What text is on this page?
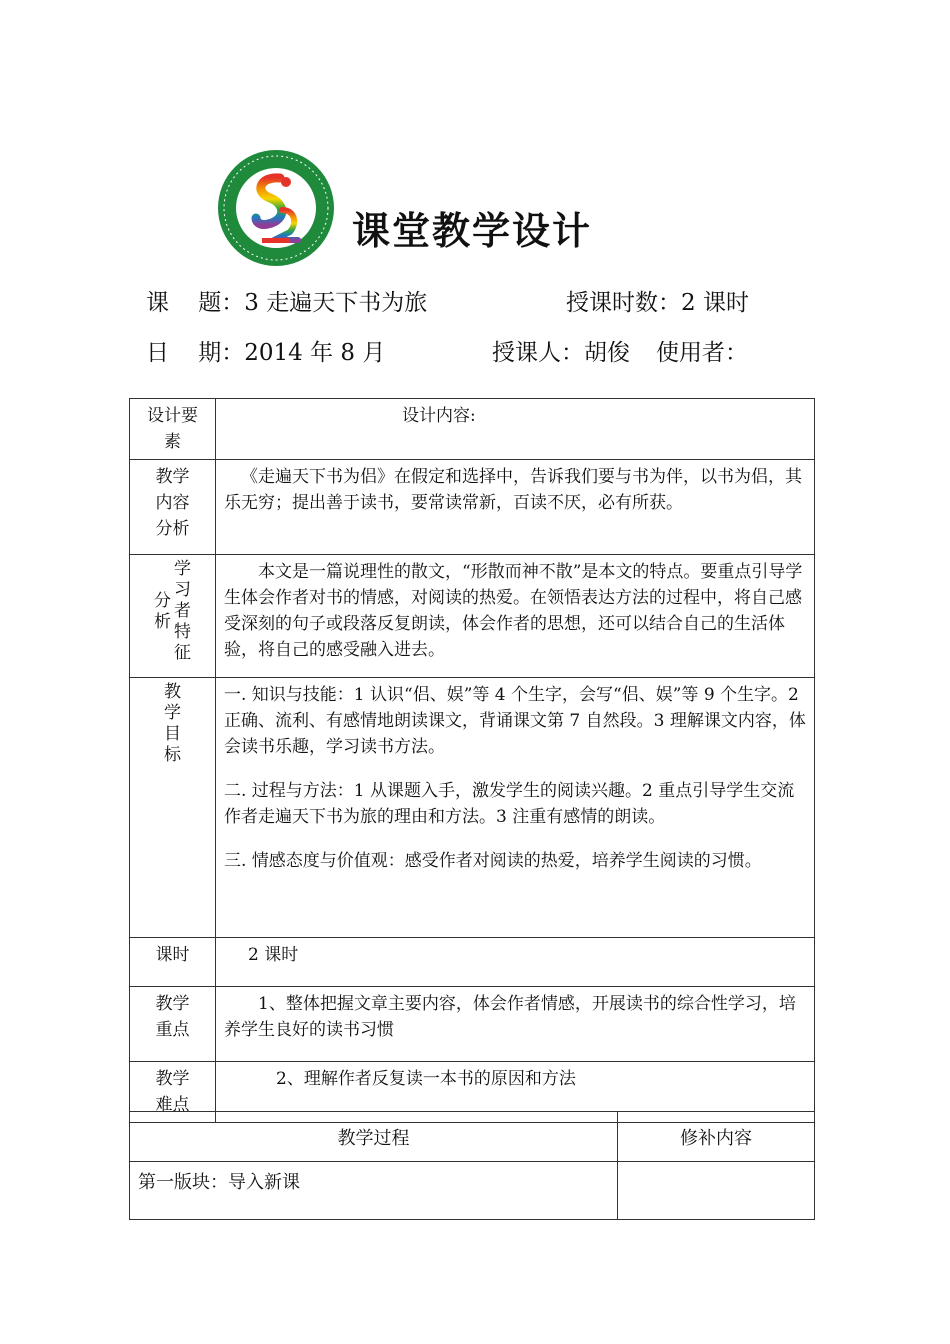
课堂教学设计
课    题：3 走遍天下书为旅	授课时数：2 课时
日    期：2014 年 8 月	授课人：胡俊 使用者：
设计要素	设计内容:

教学内容分析	《走遍天下书为侣》在假定和选择中，告诉我们要与书为伴，以书为侣，其乐无穷；提出善于读书，要常读常新，百读不厌，必有所获。

分析学习者特征	本文是一篇说理性的散文，“形散而神不散”是本文的特点。要重点引导学生体会作者对书的情感，对阅读的热爱。在领悟表达方法的过程中，将自己感受深刻的句子或段落反复朗读，体会作者的思想，还可以结合自己的生活体验，将自己的感受融入进去。

教学目标	一. 知识与技能：1 认识“侣、娱”等 4 个生字，会写“侣、娱”等 9 个生字。2 正确、流利、有感情地朗读课文，背诵课文第 7 自然段。3 理解课文内容，体会读书乐趣，学习读书方法。

二. 过程与方法：1 从课题入手，激发学生的阅读兴趣。2 重点引导学生交流作者走遍天下书为旅的理由和方法。3 注重有感情的朗读。

三. 情感态度与价值观：感受作者对阅读的热爱，培养学生阅读的习惯。

课时	2 课时

教学重点	1、整体把握文章主要内容，体会作者情感，开展读书的综合性学习，培养学生良好的读书习惯

教学难点	2、理解作者反复读一本书的原因和方法
教学过程	修补内容
第一版块：导入新课	
